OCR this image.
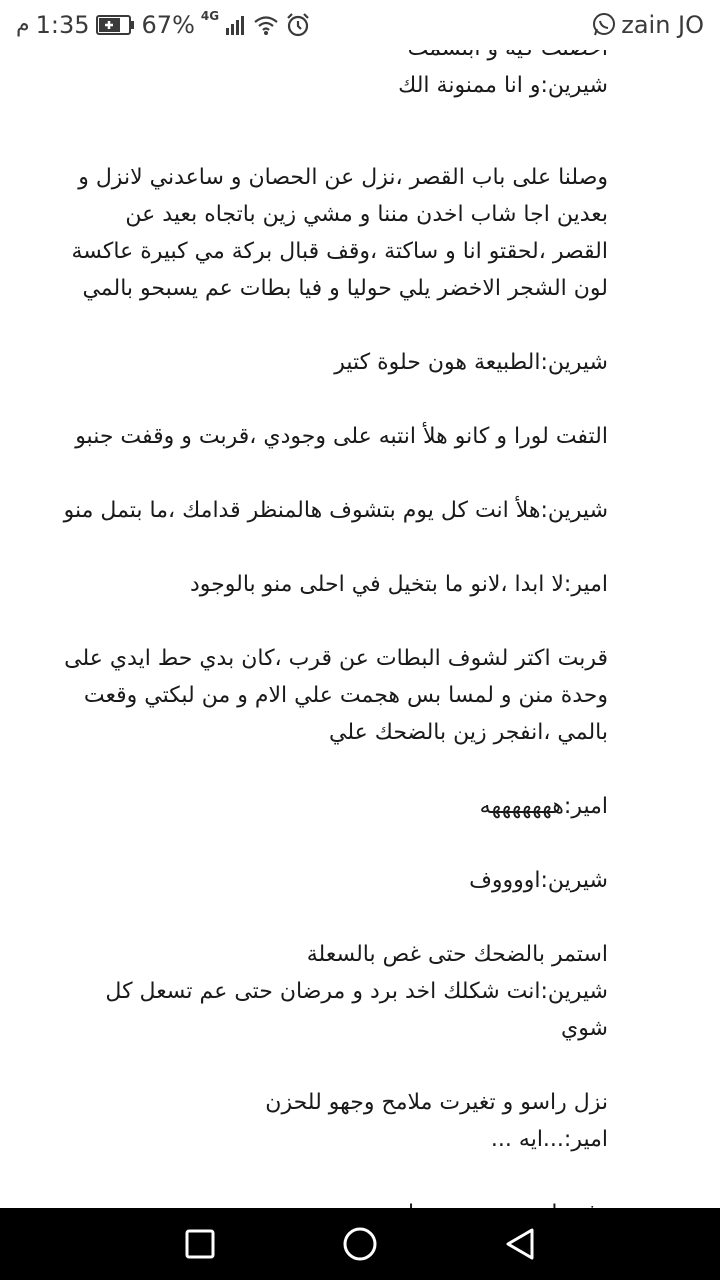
م 1:35 67% 4G	zain JO
شيرين:و انا ممنونة الك
وصلنا على باب القصر ،نزل عن الحصان و ساعدني لانزل و
بعدين اجا شاب اخدن مننا و مشي زين باتجاه بعيد عن
القصر ،لحقتو انا و ساكتة ،وقف قبال بركة مي كبيرة عاكسة
لون الشجر الاخضر يلي حوليا و فيا بطات عم يسبحو بالمي
شيرين:الطبيعة هون حلوة كتير
التفت لورا و كانو هلأ انتبه على وجودي ،قربت و وقفت جنبو
شيرين:هلأ انت كل يوم بتشوف هالمنظر قدامك ،ما بتمل منو
امير:لا ابدا ،لانو ما بتخيل في احلى منو بالوجود
قربت اكتر لشوف البطات عن قرب ،كان بدي حط ايدي على
وحدة منن و لمسا بس هجمت علي الام و من لبكتي وقعت
بالمي ،انفجر زين بالضحك علي
امير:هههههههه
شيرين:اووووف
استمر بالضحك حتى غص بالسعلة
شيرين:انت شكلك اخد برد و مرضان حتى عم تسعل كل
شوي
نزل راسو و تغيرت ملامح وجهو للحزن
امير:...ايه ...
